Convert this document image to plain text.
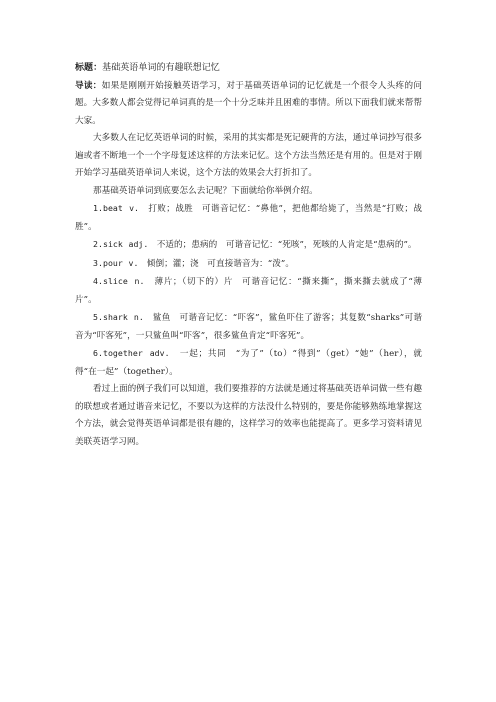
标题：基础英语单词的有趣联想记忆

导读：如果是刚刚开始接触英语学习，对于基础英语单词的记忆就是一个很令人头疼的问题。大多数人都会觉得记单词真的是一个十分乏味并且困难的事情。所以下面我们就来帮帮大家。

大多数人在记忆英语单词的时候，采用的其实都是死记硬背的方法，通过单词抄写很多遍或者不断地一个一个字母复述这样的方法来记忆。这个方法当然还是有用的。但是对于刚开始学习基础英语单词人来说，这个方法的效果会大打折扣了。

那基础英语单词到底要怎么去记呢？下面就给你举例介绍。

1.beat v. 打败；战胜　可谐音记忆：“鼻他”，把他都给毙了，当然是“打败；战胜”。

2.sick adj. 不适的；患病的　可谐音记忆：“死咳”，死咳的人肯定是“患病的”。

3.pour v. 倾倒；灌；浇　可直接谐音为：“泼”。

4.slice n. 薄片；（切下的）片　可谐音记忆：“撕来撕”，撕来撕去就成了“薄片”。

5.shark n. 鲨鱼　可谐音记忆：“吓客”，鲨鱼吓住了游客；其复数“sharks”可谐音为“吓客死”，一只鲨鱼叫“吓客”，很多鲨鱼肯定“吓客死”。

6.together adv. 一起；共同　“为了”（to）“得到”（get）“她”（her），就得“在一起”（together）。

看过上面的例子我们可以知道，我们要推荐的方法就是通过将基础英语单词做一些有趣的联想或者通过谐音来记忆，不要以为这样的方法没什么特别的，要是你能够熟练地掌握这个方法，就会觉得英语单词都是很有趣的，这样学习的效率也能提高了。更多学习资料请见美联英语学习网。
